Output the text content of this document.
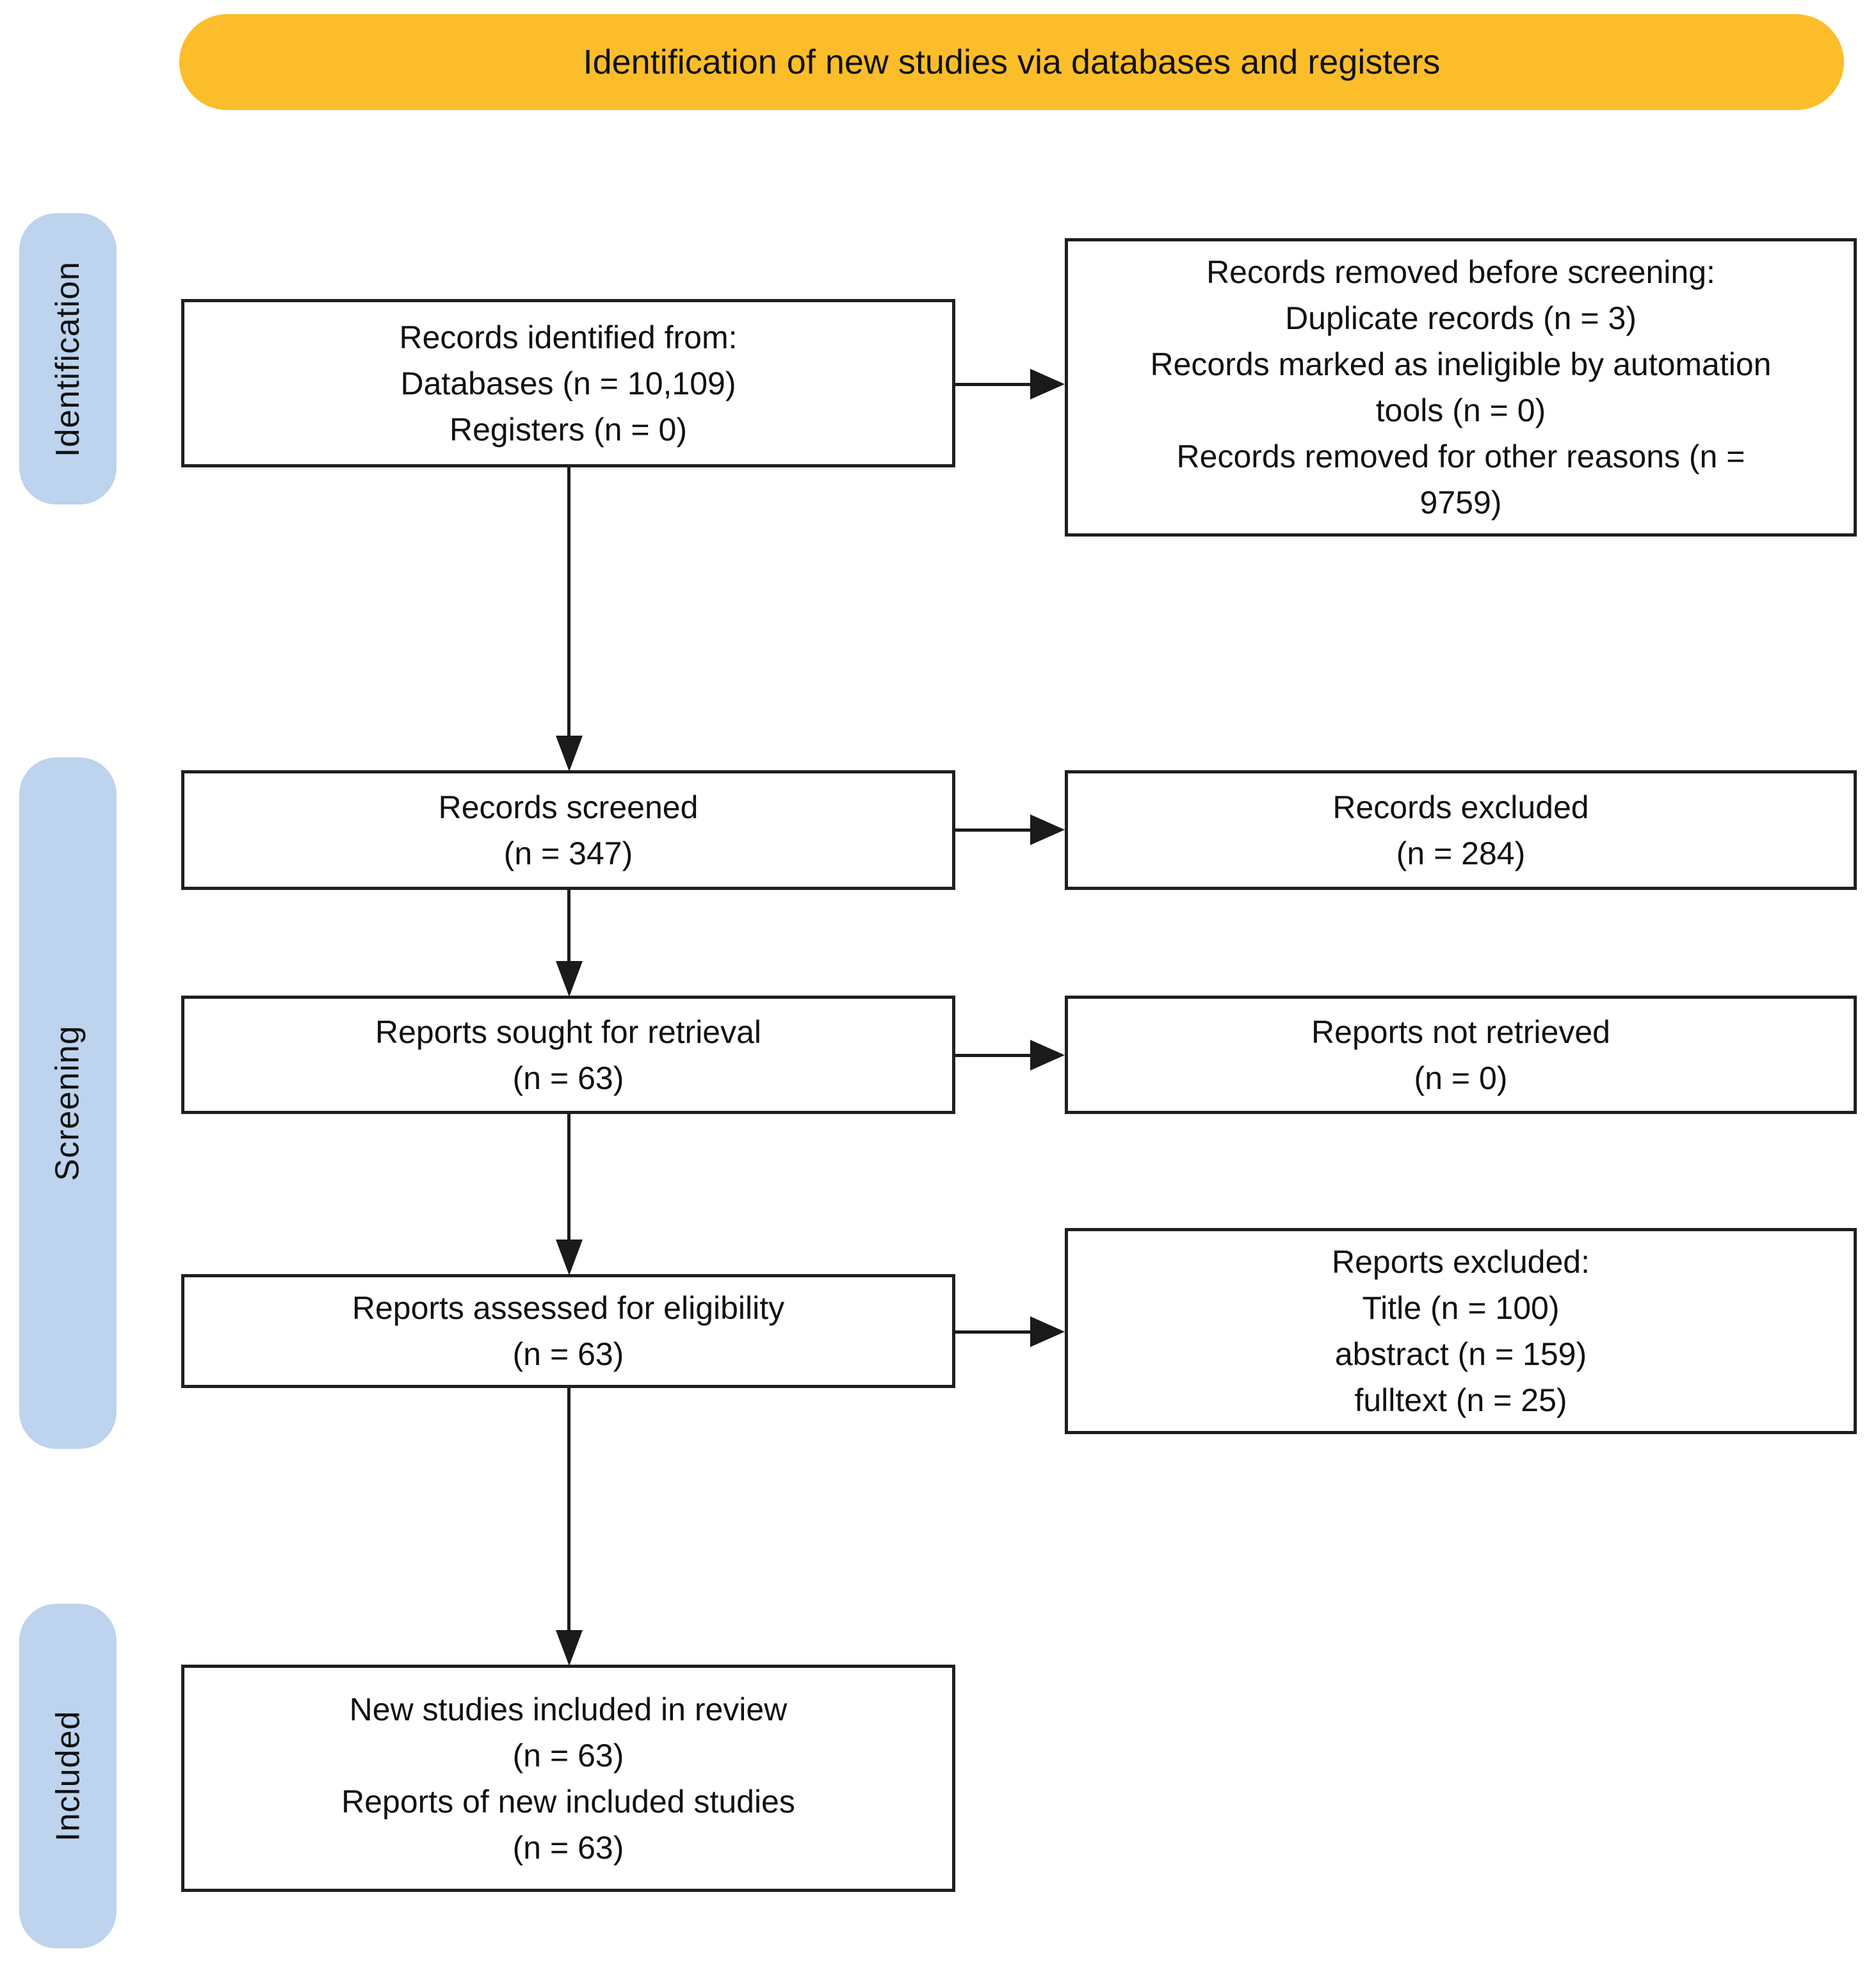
Identification of new studies via databases and registers
Identification
Screening
Included
Records identified from:
Databases (n = 10,109)
Registers (n = 0)
Records screened
(n = 347)
Reports sought for retrieval
(n = 63)
Reports assessed for eligibility
(n = 63)
New studies included in review
(n = 63)
Reports of new included studies
(n = 63)
Records removed before screening:
Duplicate records (n = 3)
Records marked as ineligible by automation
tools (n = 0)
Records removed for other reasons (n =
9759)
Records excluded
(n = 284)
Reports not retrieved
(n = 0)
Reports excluded:
Title (n = 100)
abstract (n = 159)
fulltext (n = 25)
